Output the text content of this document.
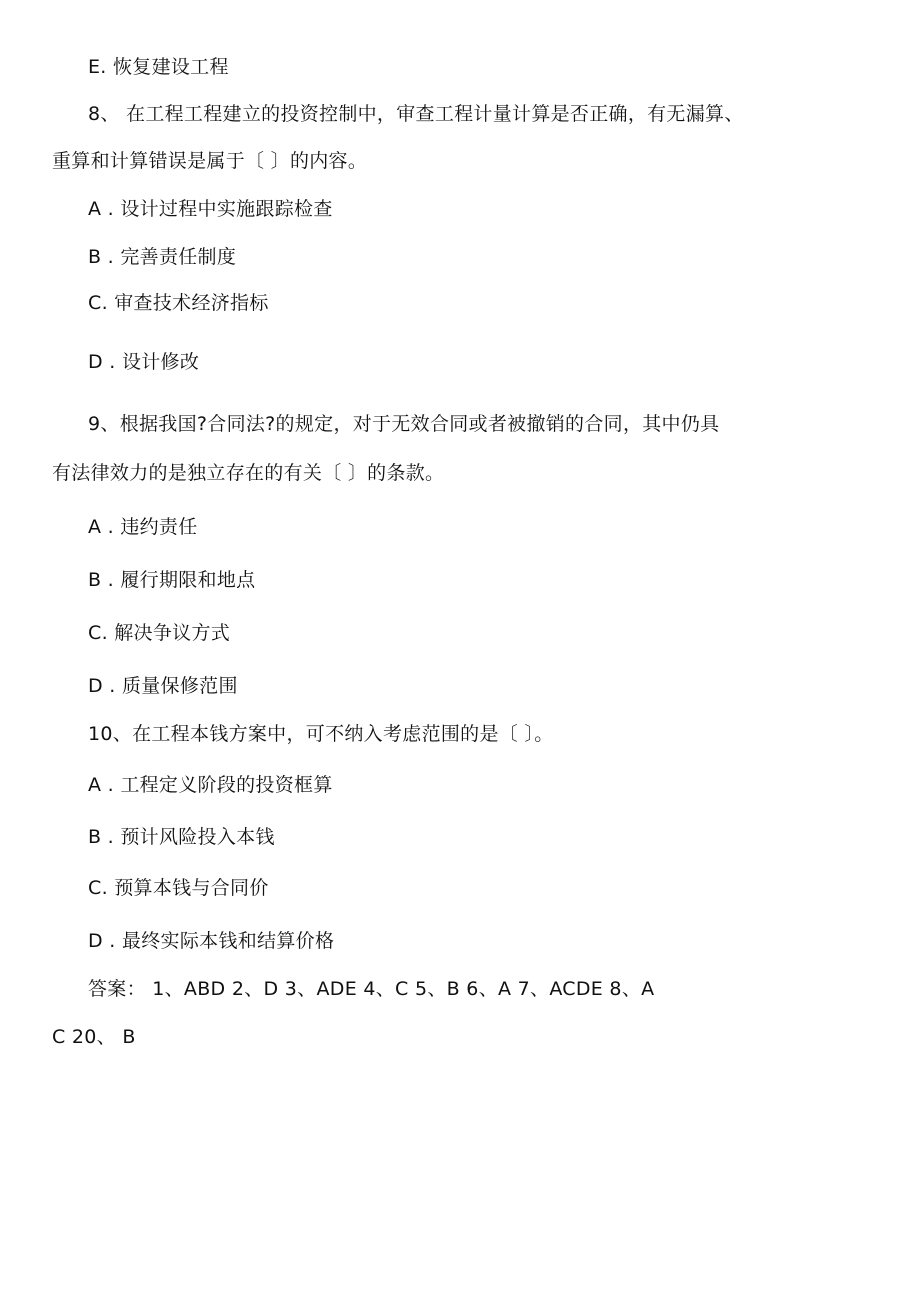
E. 恢复建设工程
8、 在工程工程建立的投资控制中，审查工程计量计算是否正确，有无漏算、
重算和计算错误是属于〔 〕的内容。
A . 设计过程中实施跟踪检查
B . 完善责任制度
C. 审查技术经济指标
D . 设计修改
9、根据我国?合同法?的规定，对于无效合同或者被撤销的合同，其中仍具
有法律效力的是独立存在的有关〔 〕的条款。
A . 违约责任
B . 履行期限和地点
C. 解决争议方式
D . 质量保修范围
10、在工程本钱方案中，可不纳入考虑范围的是〔 〕。
A . 工程定义阶段的投资框算
B . 预计风险投入本钱
C. 预算本钱与合同价
D . 最终实际本钱和结算价格
答案： 1、ABD 2、D 3、ADE 4、C 5、B 6、A 7、ACDE 8、A
C 20、 B
